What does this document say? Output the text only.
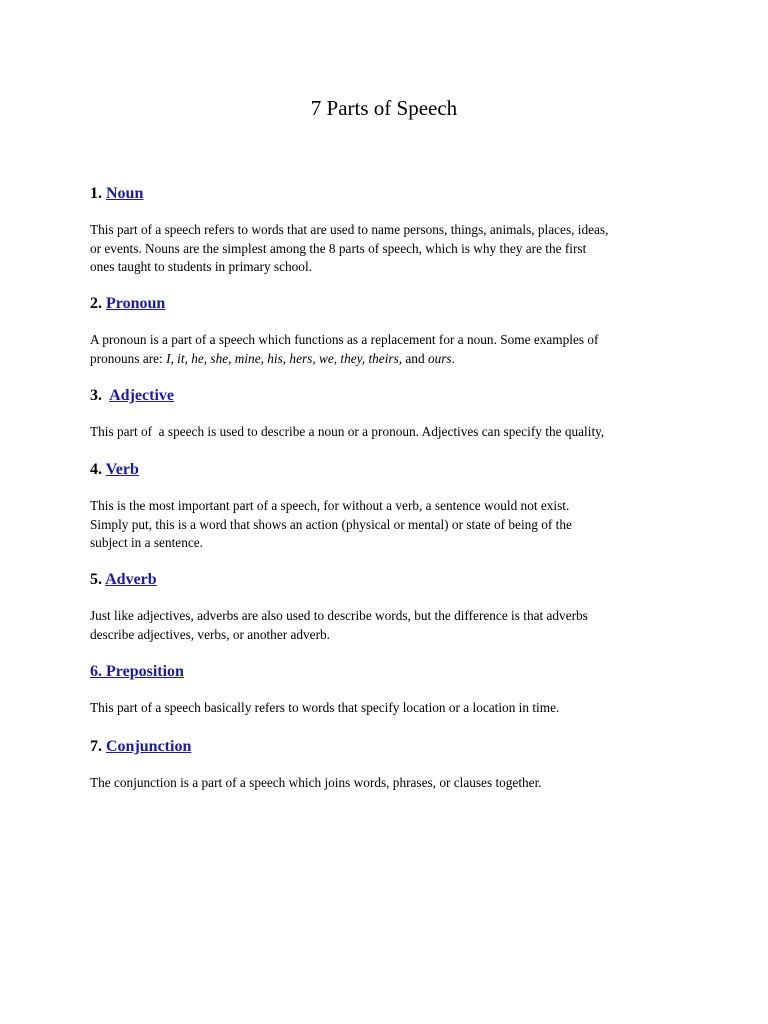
7 Parts of Speech
1. Noun

This part of a speech refers to words that are used to name persons, things, animals, places, ideas,
or events. Nouns are the simplest among the 8 parts of speech, which is why they are the first
ones taught to students in primary school.

2. Pronoun

A pronoun is a part of a speech which functions as a replacement for a noun. Some examples of
pronouns are: I, it, he, she, mine, his, hers, we, they, theirs, and ours.

3.  Adjective

This part of  a speech is used to describe a noun or a pronoun. Adjectives can specify the quality,

4. Verb

This is the most important part of a speech, for without a verb, a sentence would not exist.
Simply put, this is a word that shows an action (physical or mental) or state of being of the
subject in a sentence.

5. Adverb

Just like adjectives, adverbs are also used to describe words, but the difference is that adverbs
describe adjectives, verbs, or another adverb.

6. Preposition

This part of a speech basically refers to words that specify location or a location in time.

7. Conjunction

The conjunction is a part of a speech which joins words, phrases, or clauses together.
